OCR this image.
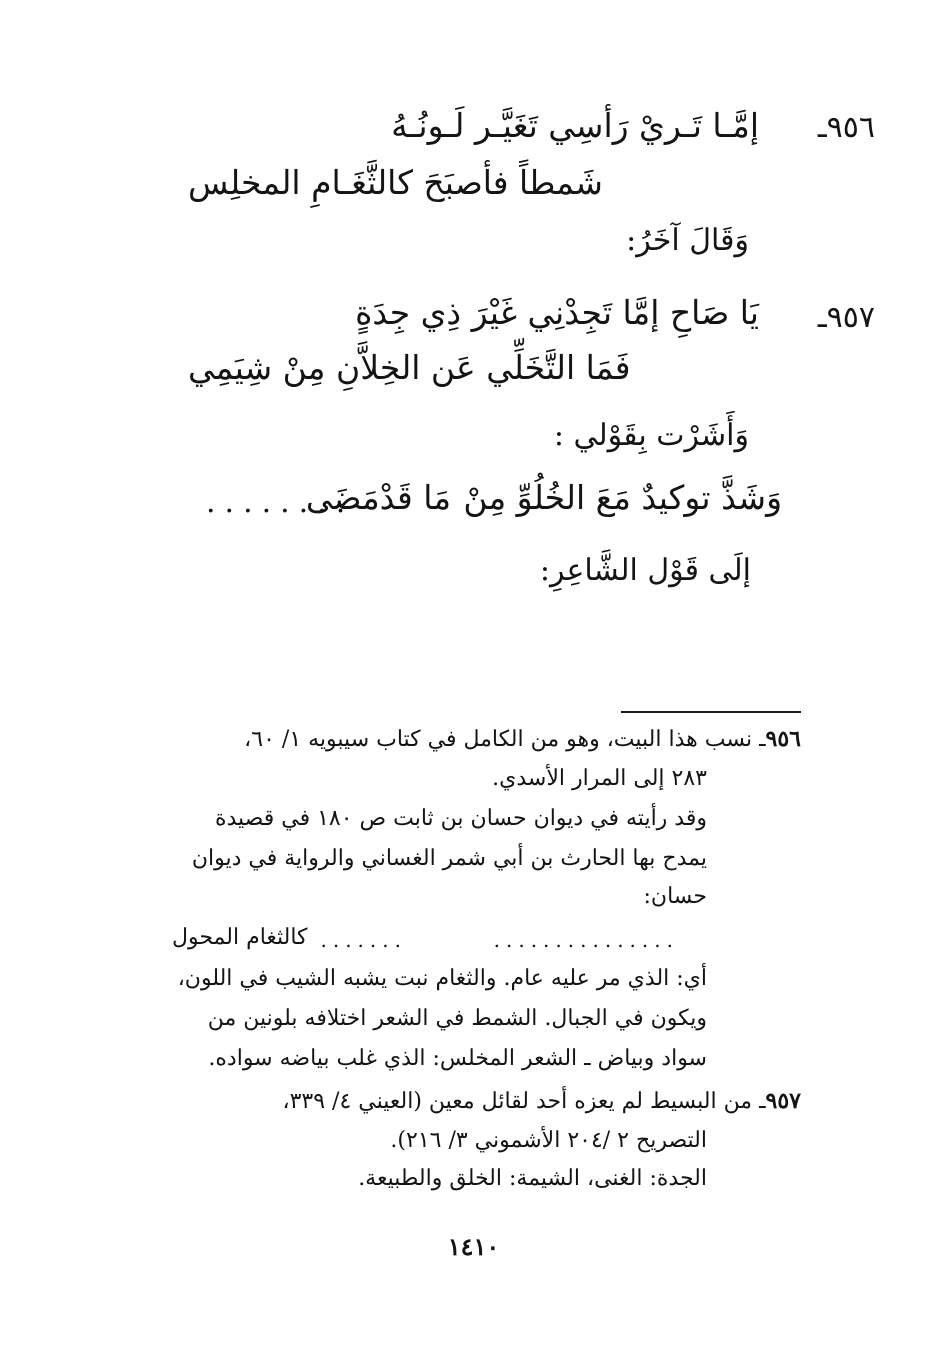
٩٥٦ـ
إمَّـا تَـريْ رَأسِي تَغَيَّـر لَـونُـهُ
شَمطاً فأصبَحَ كالثَّغَـامِ المخلِس
وَقَالَ آخَرُ:
٩٥٧ـ
يَا صَاحِ إمَّا تَجِدْنِي غَيْرَ ذِي جِدَةٍ
فَمَا التَّخَلِّي عَن الخِلاَّنِ مِنْ شِيَمِي
وَأَشَرْت بِقَوْلي :
وَشَذَّ توكيدٌ مَعَ الخُلُوِّ مِنْ
مَا قَدْمَضَى
........
إلَى قَوْل الشَّاعِرِ:
٩٥٦ـ نسب هذا البيت، وهو من الكامل في كتاب سيبويه ١/ ٦٠،
٢٨٣ إلى المرار الأسدي.
وقد رأيته في ديوان حسان بن ثابت ص ١٨٠ في قصيدة
يمدح بها الحارث بن أبي شمر الغساني والرواية في ديوان
حسان:
...............
.......
كالثغام المحول
أي: الذي مر عليه عام. والثغام نبت يشبه الشيب في اللون،
ويكون في الجبال. الشمط في الشعر اختلافه بلونين من
سواد وبياض ـ الشعر المخلس: الذي غلب بياضه سواده.
٩٥٧ـ من البسيط لم يعزه أحد لقائل معين (العيني ٤/ ٣٣٩،
التصريح ٢ /٢٠٤ الأشموني ٣/ ٢١٦).
الجدة: الغنى، الشيمة: الخلق والطبيعة.
١٤١٠
